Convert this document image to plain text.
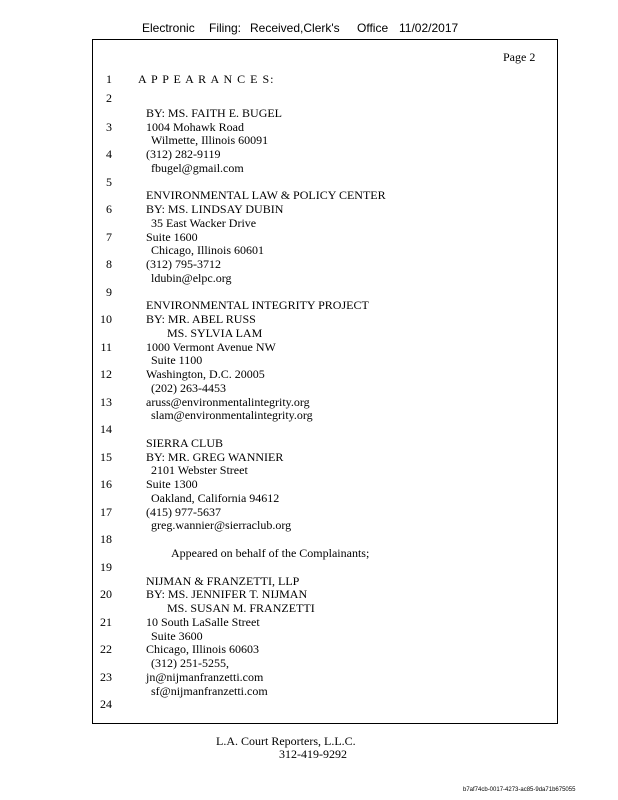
Electronic Filing: Received,Clerk's Office 11/02/2017
Page 2
1
2
3
4
5
6
7
8
9
10
11
12
13
14
15
16
17
18
19
20
21
22
23
24
A P P E A R A N C E S:
BY: MS. FAITH E. BUGEL
1004 Mohawk Road
Wilmette, Illinois 60091
(312) 282-9119
fbugel@gmail.com
ENVIRONMENTAL LAW & POLICY CENTER
BY: MS. LINDSAY DUBIN
35 East Wacker Drive
Suite 1600
Chicago, Illinois 60601
(312) 795-3712
ldubin@elpc.org
ENVIRONMENTAL INTEGRITY PROJECT
BY: MR. ABEL RUSS
MS. SYLVIA LAM
1000 Vermont Avenue NW
Suite 1100
Washington, D.C. 20005
(202) 263-4453
aruss@environmentalintegrity.org
slam@environmentalintegrity.org
SIERRA CLUB
BY: MR. GREG WANNIER
2101 Webster Street
Suite 1300
Oakland, California 94612
(415) 977-5637
greg.wannier@sierraclub.org
Appeared on behalf of the Complainants;
NIJMAN & FRANZETTI, LLP
BY: MS. JENNIFER T. NIJMAN
MS. SUSAN M. FRANZETTI
10 South LaSalle Street
Suite 3600
Chicago, Illinois 60603
(312) 251-5255,
jn@nijmanfranzetti.com
sf@nijmanfranzetti.com
L.A. Court Reporters, L.L.C.
312-419-9292
b7af74cb-0017-4273-ac85-9da71b675055
